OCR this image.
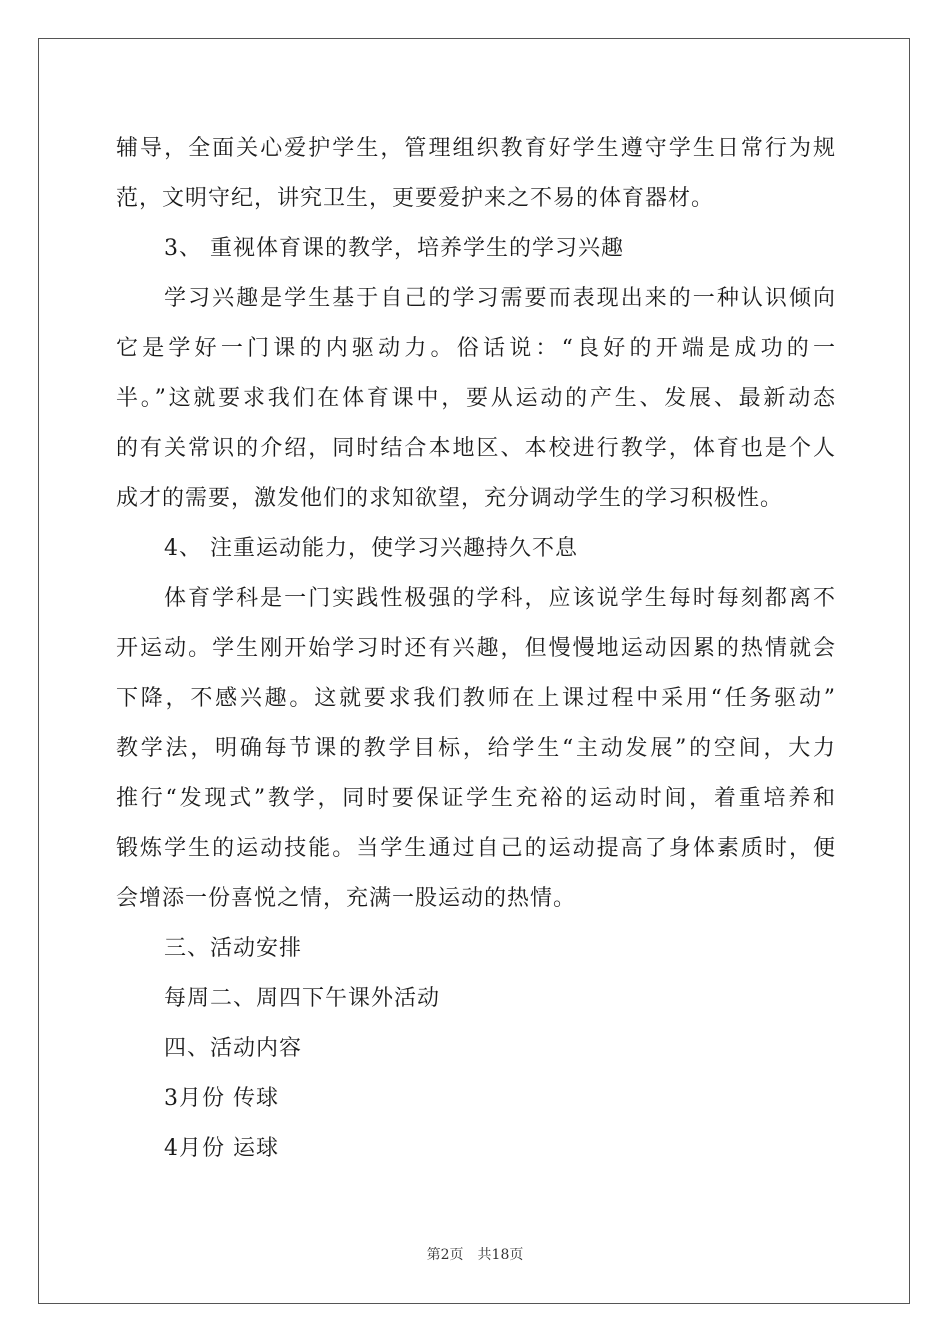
辅导，全面关心爱护学生，管理组织教育好学生遵守学生日常行为规
范，文明守纪，讲究卫生，更要爱护来之不易的体育器材。
3、 重视体育课的教学，培养学生的学习兴趣
学习兴趣是学生基于自己的学习需要而表现出来的一种认识倾向
它是学好一门课的内驱动力。俗话说：“良好的开端是成功的一
半。”这就要求我们在体育课中，要从运动的产生、发展、最新动态
的有关常识的介绍，同时结合本地区、本校进行教学，体育也是个人
成才的需要，激发他们的求知欲望，充分调动学生的学习积极性。
4、 注重运动能力，使学习兴趣持久不息
体育学科是一门实践性极强的学科，应该说学生每时每刻都离不
开运动。学生刚开始学习时还有兴趣，但慢慢地运动因累的热情就会
下降，不感兴趣。这就要求我们教师在上课过程中采用“任务驱动”
教学法，明确每节课的教学目标，给学生“主动发展”的空间，大力
推行“发现式”教学，同时要保证学生充裕的运动时间，着重培养和
锻炼学生的运动技能。当学生通过自己的运动提高了身体素质时，便
会增添一份喜悦之情，充满一股运动的热情。
三、活动安排
每周二、周四下午课外活动
四、活动内容
3月份 传球
4月份 运球
第2页 共18页
